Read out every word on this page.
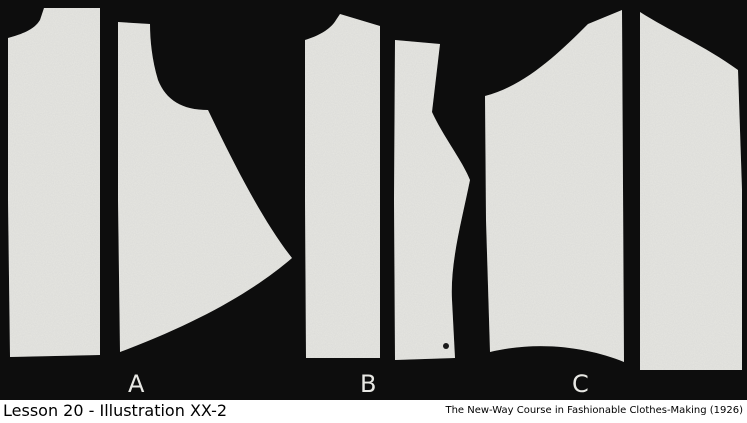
A	B	C
Lesson 20 - Illustration XX-2	The New-Way Course in Fashionable Clothes-Making (1926)
